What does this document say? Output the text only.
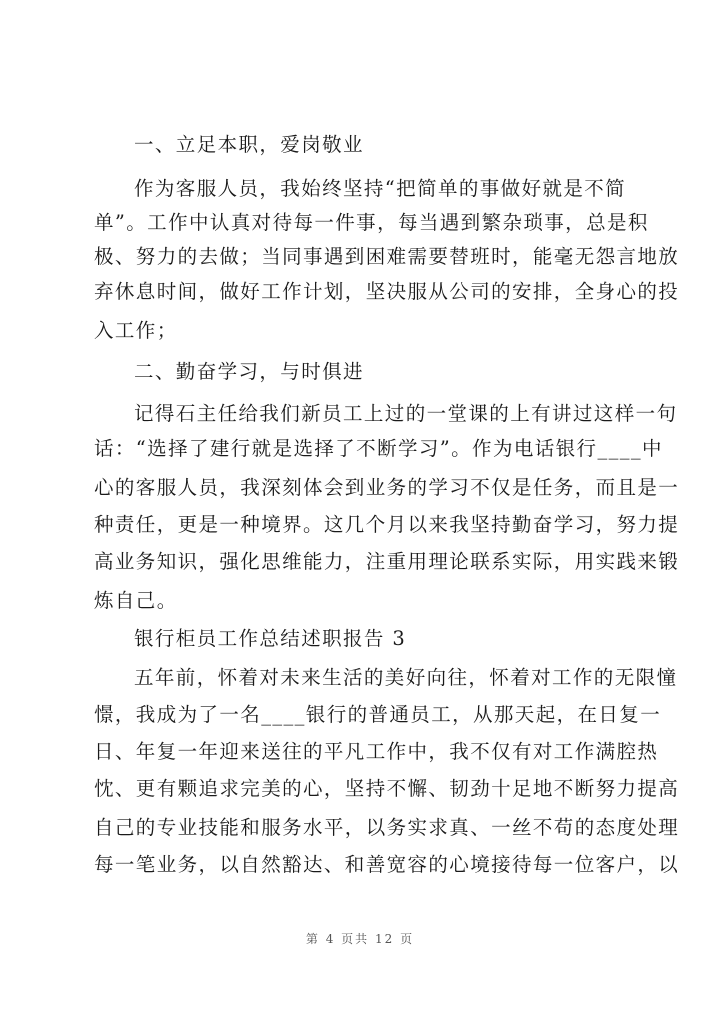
一、立足本职，爱岗敬业
作为客服人员，我始终坚持“把简单的事做好就是不简
单”。工作中认真对待每一件事，每当遇到繁杂琐事，总是积
极、努力的去做；当同事遇到困难需要替班时，能毫无怨言地放
弃休息时间，做好工作计划，坚决服从公司的安排，全身心的投
入工作；
二、勤奋学习，与时俱进
记得石主任给我们新员工上过的一堂课的上有讲过这样一句
话：“选择了建行就是选择了不断学习”。作为电话银行____中
心的客服人员，我深刻体会到业务的学习不仅是任务，而且是一
种责任，更是一种境界。这几个月以来我坚持勤奋学习，努力提
高业务知识，强化思维能力，注重用理论联系实际，用实践来锻
炼自己。
银行柜员工作总结述职报告 3
五年前，怀着对未来生活的美好向往，怀着对工作的无限憧
憬，我成为了一名____银行的普通员工，从那天起，在日复一
日、年复一年迎来送往的平凡工作中，我不仅有对工作满腔热
忱、更有颗追求完美的心，坚持不懈、韧劲十足地不断努力提高
自己的专业技能和服务水平，以务实求真、一丝不苟的态度处理
每一笔业务，以自然豁达、和善宽容的心境接待每一位客户，以
第 4 页共 12 页
